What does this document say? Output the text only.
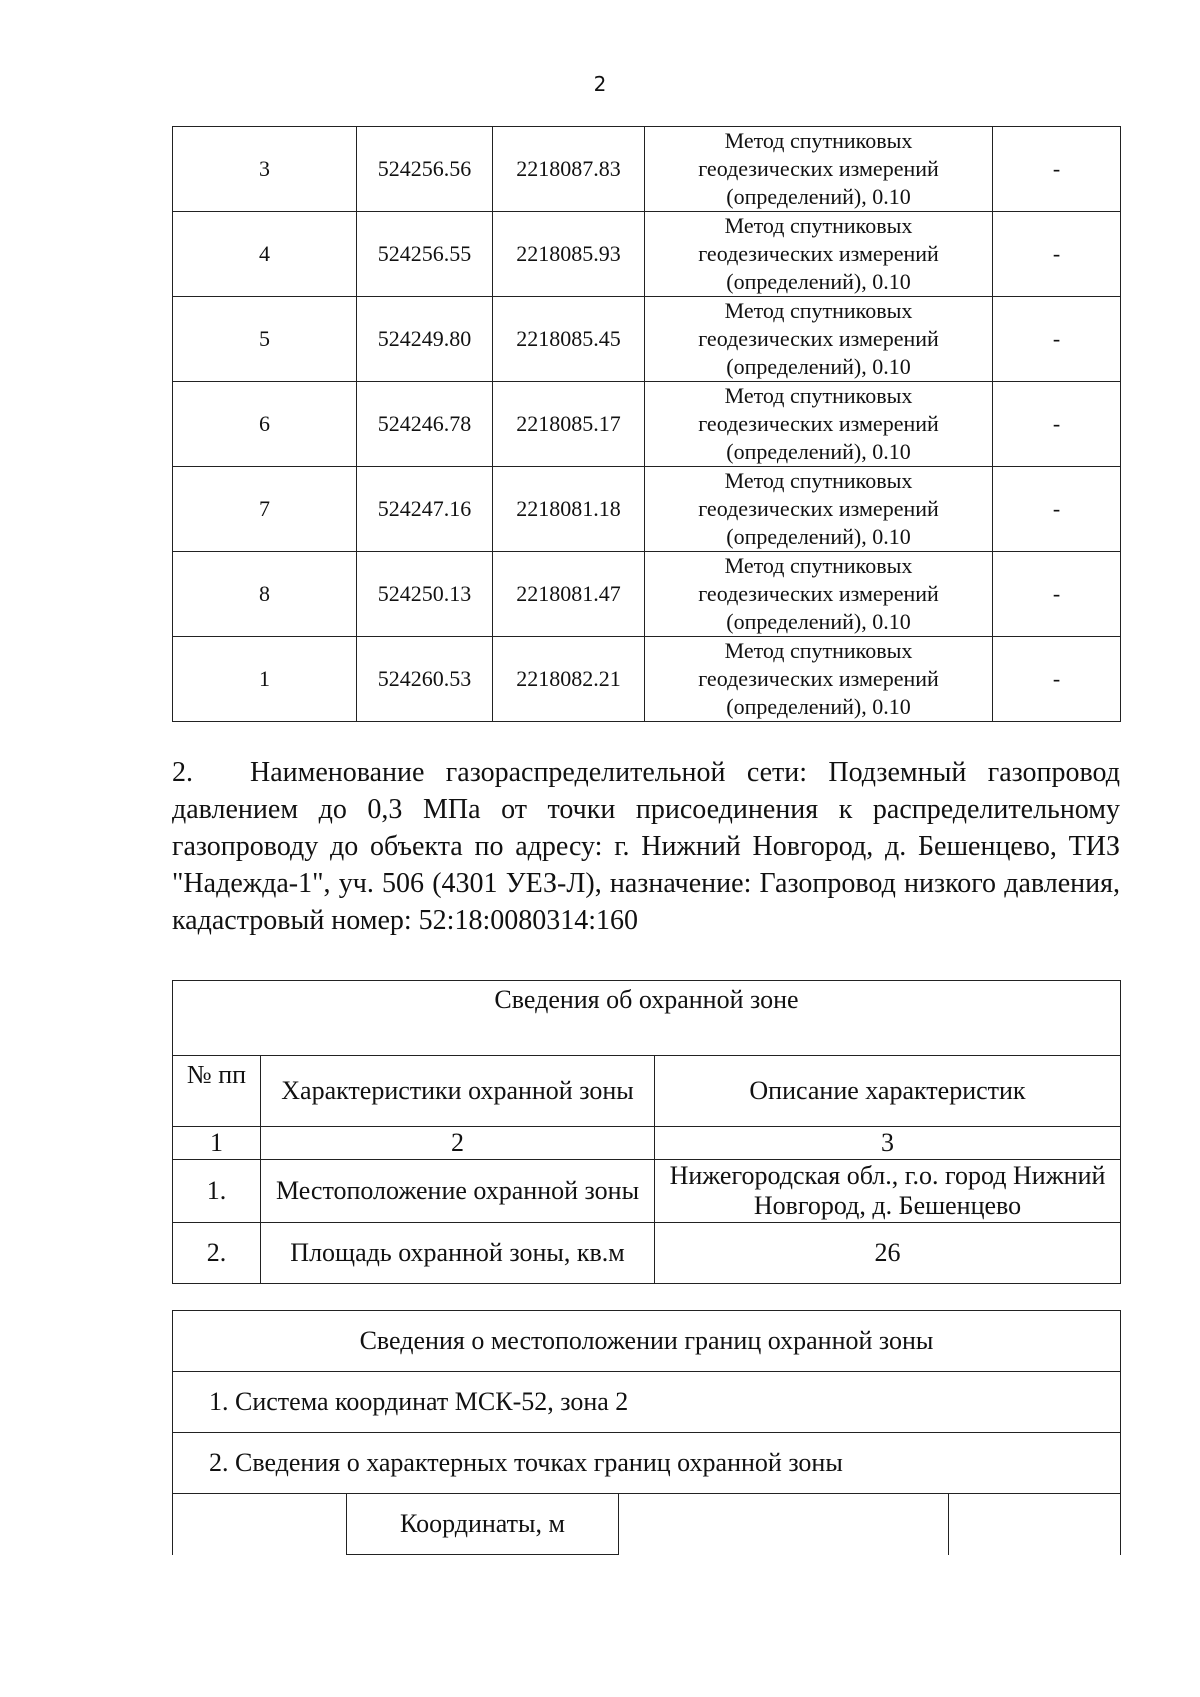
2
3	524256.56	2218087.83	Метод спутниковых
геодезических измерений
(определений), 0.10	-
4	524256.55	2218085.93	Метод спутниковых
геодезических измерений
(определений), 0.10	-
5	524249.80	2218085.45	Метод спутниковых
геодезических измерений
(определений), 0.10	-
6	524246.78	2218085.17	Метод спутниковых
геодезических измерений
(определений), 0.10	-
7	524247.16	2218081.18	Метод спутниковых
геодезических измерений
(определений), 0.10	-
8	524250.13	2218081.47	Метод спутниковых
геодезических измерений
(определений), 0.10	-
1	524260.53	2218082.21	Метод спутниковых
геодезических измерений
(определений), 0.10	-
2. Наименование газораспределительной сети: Подземный газопровод давлением до 0,3 МПа от точки присоединения к распределительному газопроводу до объекта по адресу: г. Нижний Новгород, д. Бешенцево, ТИЗ "Надежда-1", уч. 506 (4301 УЕЗ-Л), назначение: Газопровод низкого давления, кадастровый номер: 52:18:0080314:160
Сведения об охранной зоне		
№ пп	Характеристики охранной зоны	Описание характеристик
1	2	3
1.	Местоположение охранной зоны	Нижегородская обл., г.о. город Нижний Новгород, д. Бешенцево
2.	Площадь охранной зоны, кв.м	26
Сведения о местоположении границ охранной зоны
1. Система координат МСК-52, зона 2
2. Сведения о характерных точках границ охранной зоны
	Координаты, м		
